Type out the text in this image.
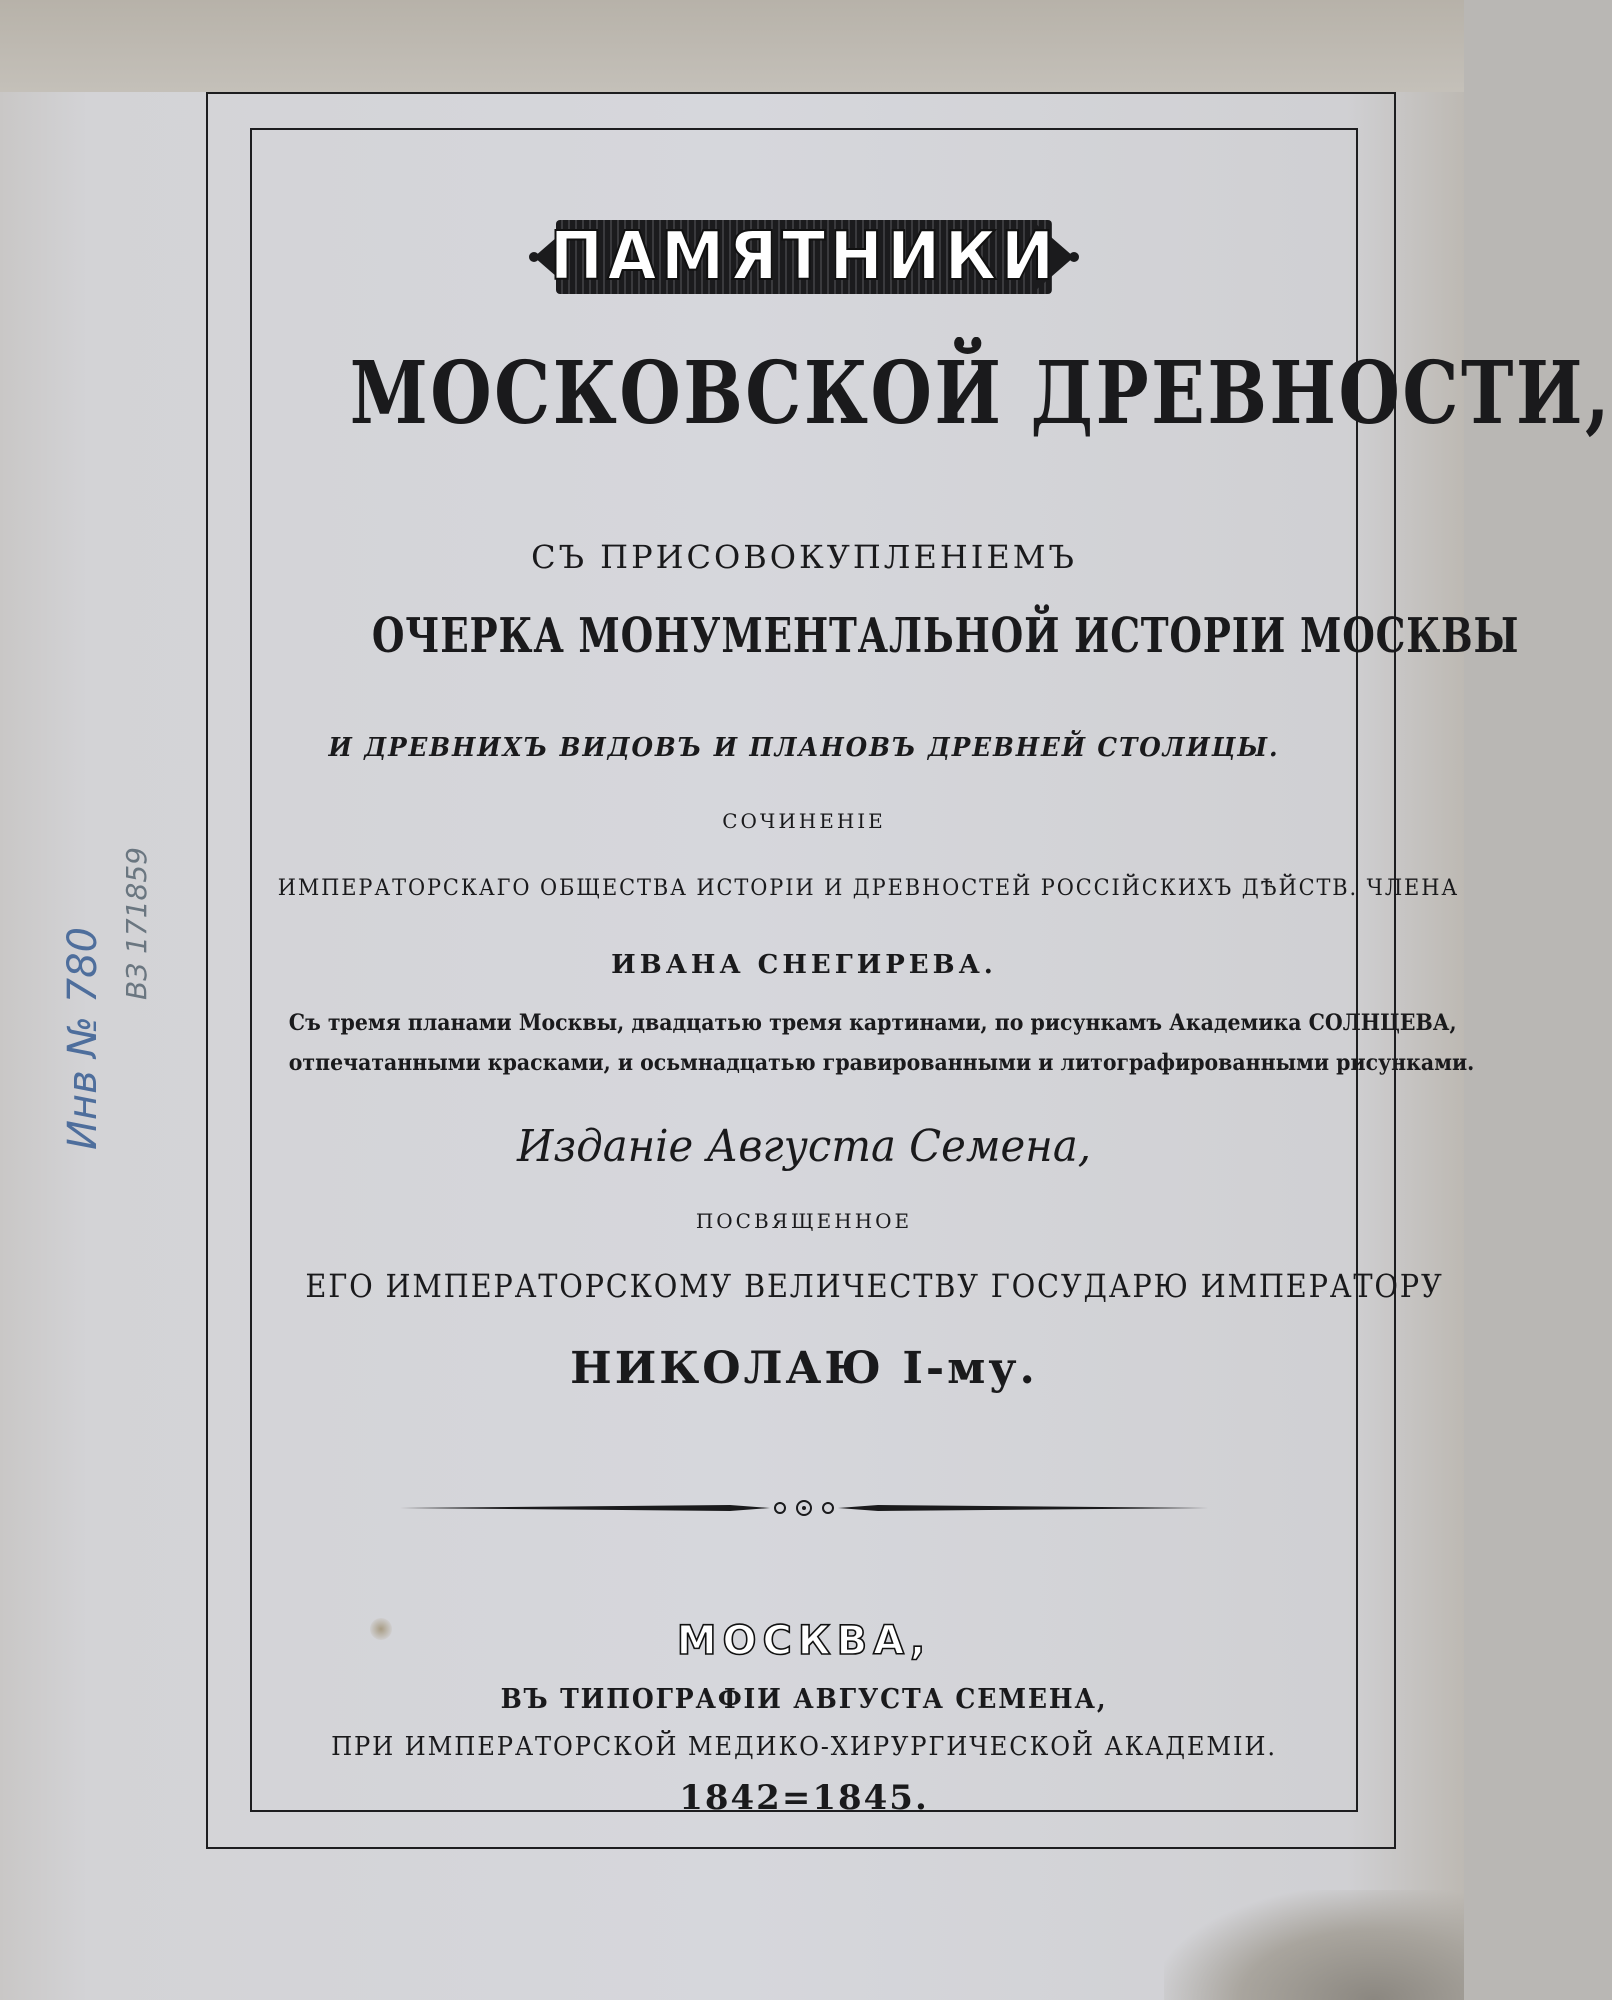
Инв № 780
ВЗ 171859
ПАМЯТНИКИ
МОСКОВСКОЙ ДРЕВНОСТИ,
СЪ ПРИСОВОКУПЛЕНІЕМЪ
ОЧЕРКА МОНУМЕНТАЛЬНОЙ ИСТОРІИ МОСКВЫ
И ДРЕВНИХЪ ВИДОВЪ И ПЛАНОВЪ ДРЕВНЕЙ СТОЛИЦЫ.
СОЧИНЕНІЕ
ИМПЕРАТОРСКАГО ОБЩЕСТВА ИСТОРІИ И ДРЕВНОСТЕЙ РОССІЙСКИХЪ ДѢЙСТВ. ЧЛЕНА
ИВАНА СНЕГИРЕВА.
Съ тремя планами Москвы, двадцатью тремя картинами, по рисункамъ Академика СОЛНЦЕВА,
отпечатанными красками, и осьмнадцатью гравированными и литографированными рисунками.
Изданіе Августа Семена,
ПОСВЯЩЕННОЕ
ЕГО ИМПЕРАТОРСКОМУ ВЕЛИЧЕСТВУ ГОСУДАРЮ ИМПЕРАТОРУ
НИКОЛАЮ I-му.
МОСКВА,
ВЪ ТИПОГРАФІИ АВГУСТА СЕМЕНА,
ПРИ ИМПЕРАТОРСКОЙ МЕДИКО-ХИРУРГИЧЕСКОЙ АКАДЕМІИ.
1842=1845.
